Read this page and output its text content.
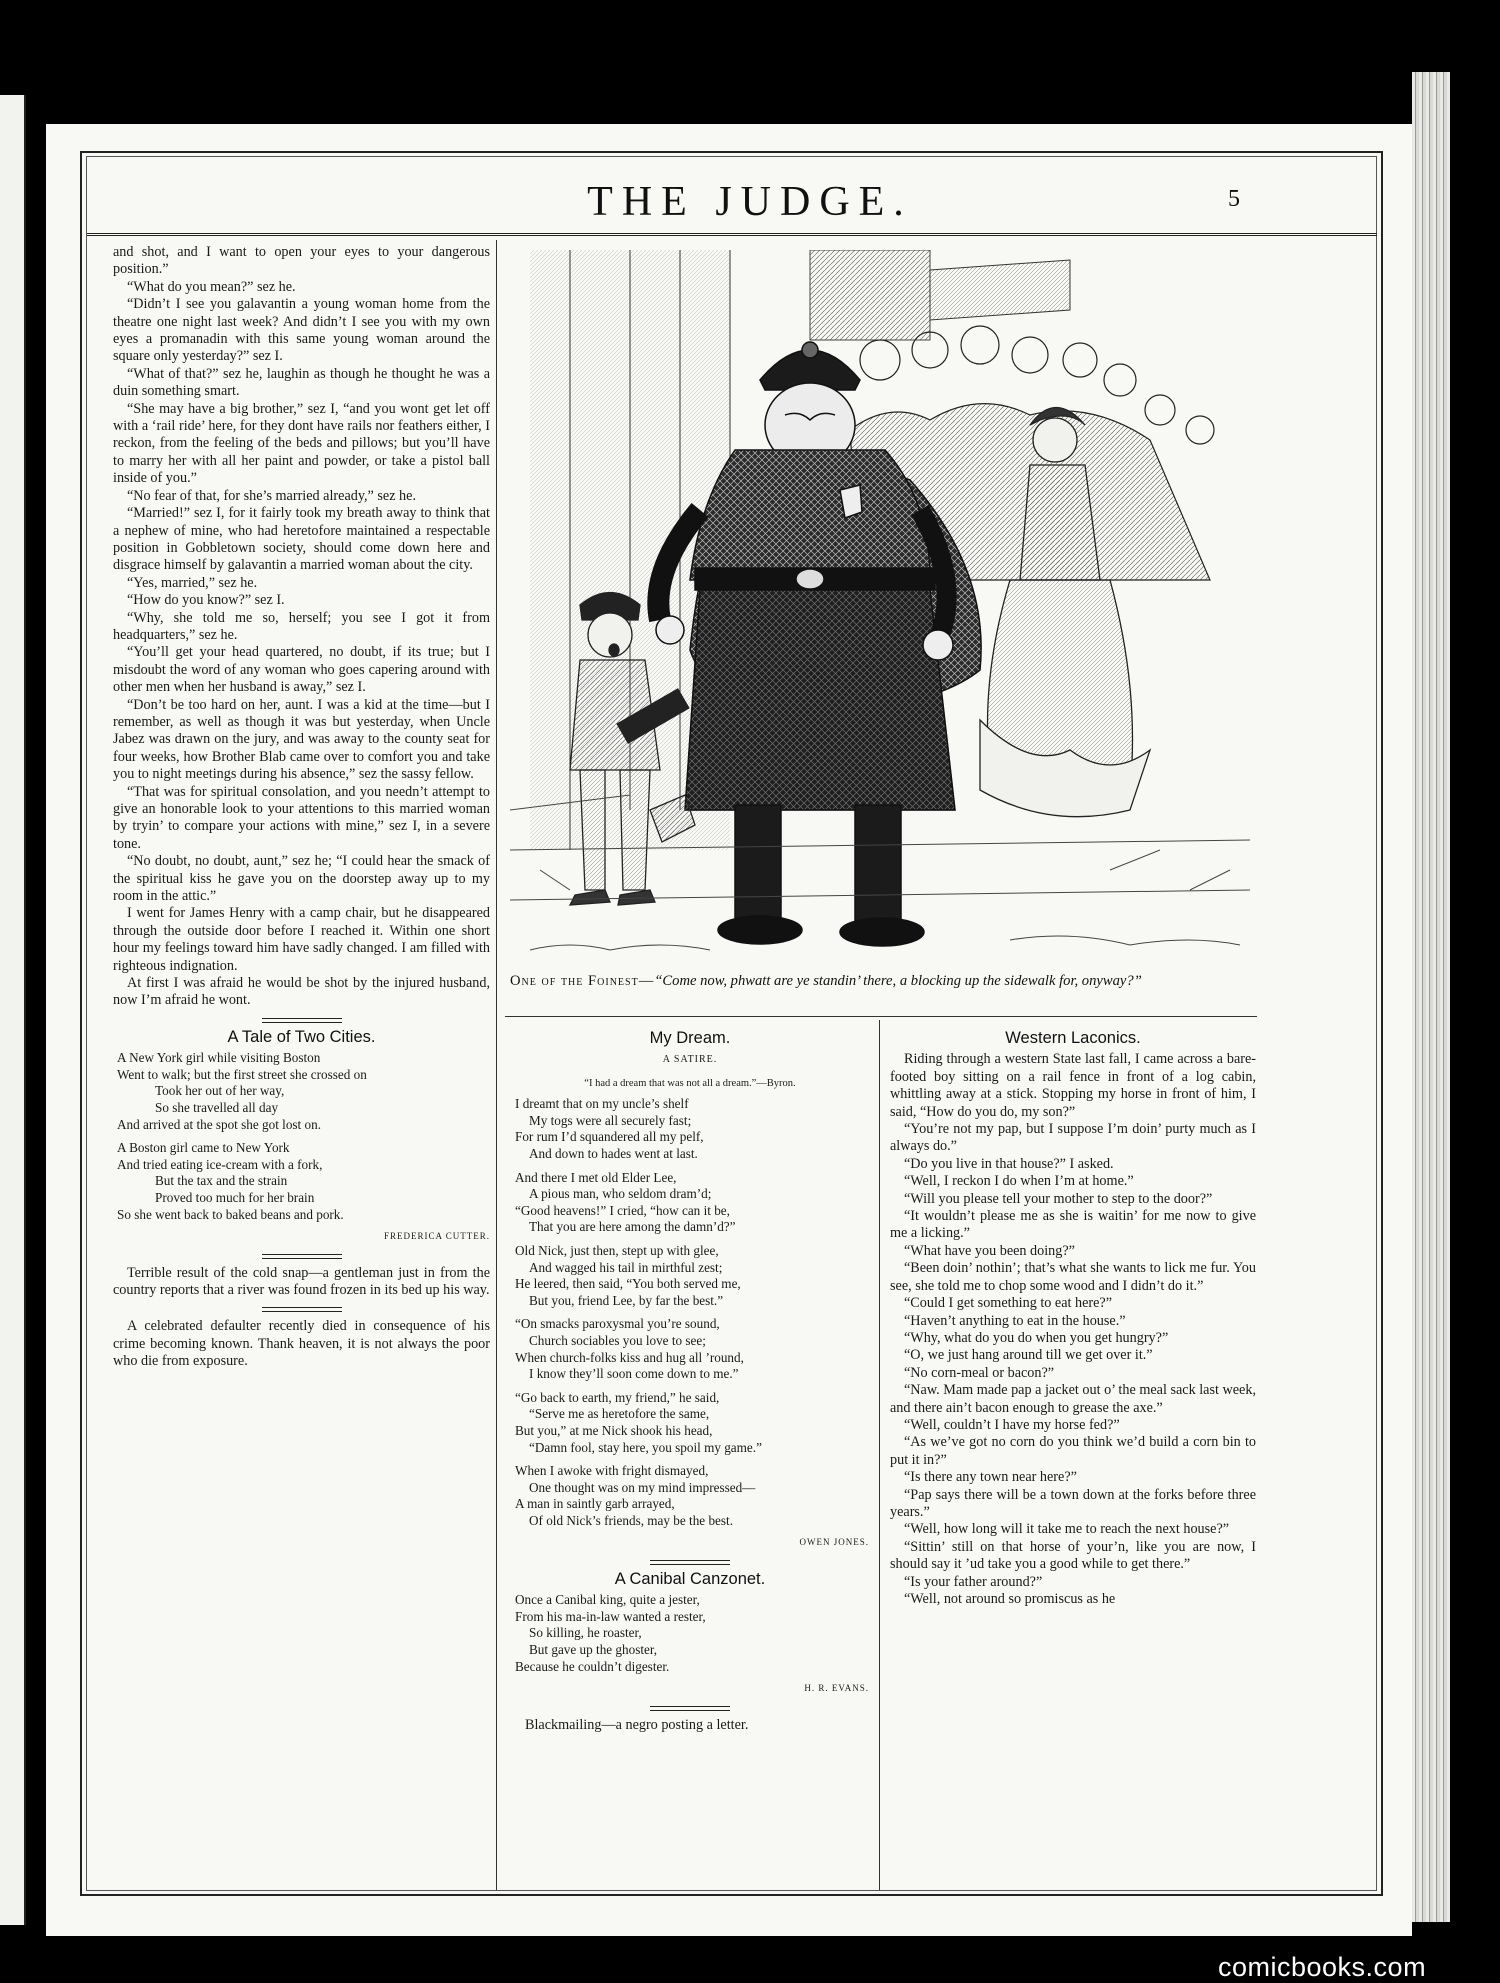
THE JUDGE.	5

and shot, and I want to open your eyes to your dangerous position.”

“What do you mean?” sez he.

“Didn’t I see you galavantin a young woman home from the theatre one night last week? And didn’t I see you with my own eyes a promanadin with this same young woman around the square only yesterday?” sez I.

“What of that?” sez he, laughin as though he thought he was a duin something smart.

“She may have a big brother,” sez I, “and you wont get let off with a ‘rail ride’ here, for they dont have rails nor feathers either, I reckon, from the feeling of the beds and pillows; but you’ll have to marry her with all her paint and powder, or take a pistol ball inside of you.”

“No fear of that, for she’s married already,” sez he.

“Married!” sez I, for it fairly took my breath away to think that a nephew of mine, who had heretofore maintained a respectable position in Gobbletown society, should come down here and disgrace himself by galavantin a married woman about the city.

“Yes, married,” sez he.

“How do you know?” sez I.

“Why, she told me so, herself; you see I got it from headquarters,” sez he.

“You’ll get your head quartered, no doubt, if its true; but I misdoubt the word of any woman who goes capering around with other men when her husband is away,” sez I.

“Don’t be too hard on her, aunt. I was a kid at the time—but I remember, as well as though it was but yesterday, when Uncle Jabez was drawn on the jury, and was away to the county seat for four weeks, how Brother Blab came over to comfort you and take you to night meetings during his absence,” sez the sassy fellow.

“That was for spiritual consolation, and you needn’t attempt to give an honorable look to your attentions to this married woman by tryin’ to compare your actions with mine,” sez I, in a severe tone.

“No doubt, no doubt, aunt,” sez he; “I could hear the smack of the spiritual kiss he gave you on the doorstep away up to my room in the attic.”

I went for James Henry with a camp chair, but he disappeared through the outside door before I reached it. Within one short hour my feelings toward him have sadly changed. I am filled with righteous indignation.

At first I was afraid he would be shot by the injured husband, now I’m afraid he wont.

A Tale of Two Cities.
A New York girl while visiting Boston
Went to walk; but the first street she crossed on
Took her out of her way,
So she travelled all day
And arrived at the spot she got lost on.
A Boston girl came to New York
And tried eating ice-cream with a fork,
But the tax and the strain
Proved too much for her brain
So she went back to baked beans and pork.
FREDERICA CUTTER.

Terrible result of the cold snap—a gentleman just in from the country reports that a river was found frozen in its bed up his way.

A celebrated defaulter recently died in consequence of his crime becoming known. Thank heaven, it is not always the poor who die from exposure.

One of the Foinest—“Come now, phwatt are ye standin’ there, a blocking up the sidewalk for, onyway?”
My Dream.
A SATIRE.
“I had a dream that was not all a dream.”—Byron.
I dreamt that on my uncle’s shelf
My togs were all securely fast;
For rum I’d squandered all my pelf,
And down to hades went at last.
And there I met old Elder Lee,
A pious man, who seldom dram’d;
“Good heavens!” I cried, “how can it be,
That you are here among the damn’d?”
Old Nick, just then, stept up with glee,
And wagged his tail in mirthful zest;
He leered, then said, “You both served me,
But you, friend Lee, by far the best.”
“On smacks paroxysmal you’re sound,
Church sociables you love to see;
When church-folks kiss and hug all ’round,
I know they’ll soon come down to me.”
“Go back to earth, my friend,” he said,
“Serve me as heretofore the same,
But you,” at me Nick shook his head,
“Damn fool, stay here, you spoil my game.”
When I awoke with fright dismayed,
One thought was on my mind impressed—
A man in saintly garb arrayed,
Of old Nick’s friends, may be the best.
OWEN JONES.
A Canibal Canzonet.
Once a Canibal king, quite a jester,
From his ma-in-law wanted a rester,
So killing, he roaster,
But gave up the ghoster,
Because he couldn’t digester.
H. R. EVANS.

Blackmailing—a negro posting a letter.

Western Laconics.

Riding through a western State last fall, I came across a bare-footed boy sitting on a rail fence in front of a log cabin, whittling away at a stick. Stopping my horse in front of him, I said, “How do you do, my son?”

“You’re not my pap, but I suppose I’m doin’ purty much as I always do.”

“Do you live in that house?” I asked.

“Well, I reckon I do when I’m at home.”

“Will you please tell your mother to step to the door?”

“It wouldn’t please me as she is waitin’ for me now to give me a licking.”

“What have you been doing?”

“Been doin’ nothin’; that’s what she wants to lick me fur. You see, she told me to chop some wood and I didn’t do it.”

“Could I get something to eat here?”

“Haven’t anything to eat in the house.”

“Why, what do you do when you get hungry?”

“O, we just hang around till we get over it.”

“No corn-meal or bacon?”

“Naw. Mam made pap a jacket out o’ the meal sack last week, and there ain’t bacon enough to grease the axe.”

“Well, couldn’t I have my horse fed?”

“As we’ve got no corn do you think we’d build a corn bin to put it in?”

“Is there any town near here?”

“Pap says there will be a town down at the forks before three years.”

“Well, how long will it take me to reach the next house?”

“Sittin’ still on that horse of your’n, like you are now, I should say it ’ud take you a good while to get there.”

“Is your father around?”

“Well, not around so promiscus as he

comicbooks.com
